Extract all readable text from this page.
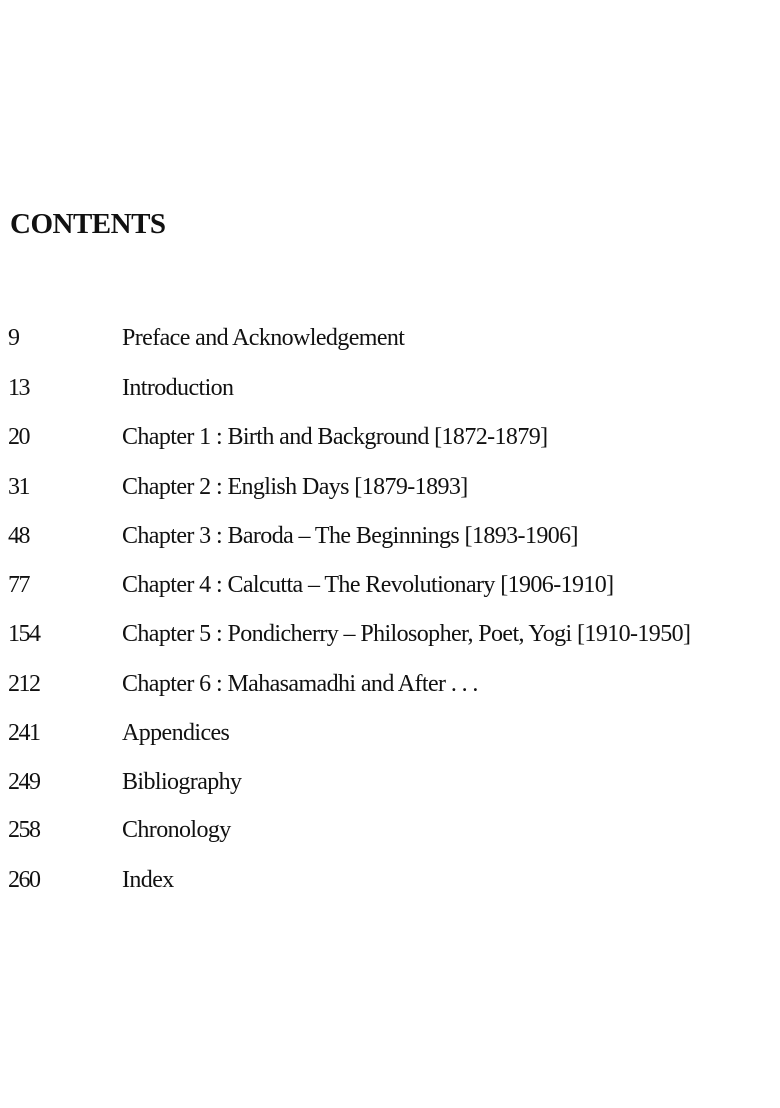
CONTENTS
9	Preface and Acknowledgement
13	Introduction
20	Chapter 1 : Birth and Background [1872-1879]
31	Chapter 2 : English Days [1879-1893]
48	Chapter 3 : Baroda – The Beginnings [1893-1906]
77	Chapter 4 : Calcutta – The Revolutionary [1906-1910]
154	Chapter 5 : Pondicherry – Philosopher, Poet, Yogi [1910-1950]
212	Chapter 6 : Mahasamadhi and After . . .
241	Appendices
249	Bibliography
258	Chronology
260	Index
